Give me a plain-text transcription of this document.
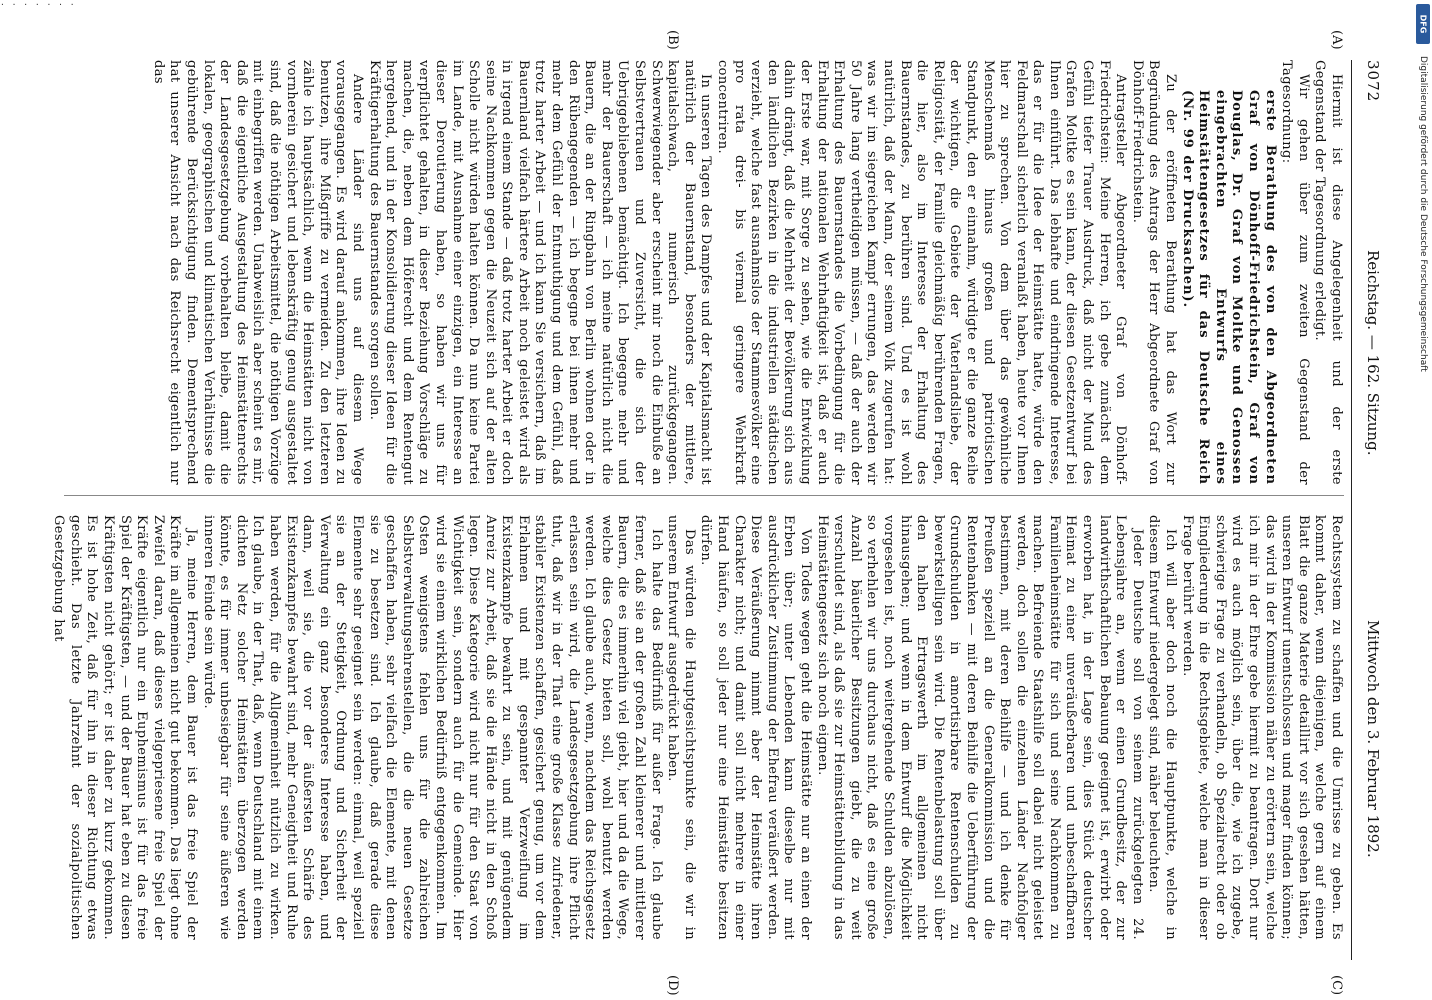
· · · · · · ·
DFG
Digitalisierung gefördert durch die Deutsche Forschungsgemeinschaft
3072
Reichstag. — 162. Sitzung.
Mittwoch den 3. Februar 1892.
(A)
(B)
(C)
(D)

Hiermit ist diese Angelegenheit und der erste Gegenstand der Tagesordnung erledigt.

Wir gehen über zum zweiten Gegenstand der Tagesordnung:

erste Berathung des von den Abgeordneten Graf von Dönhoff-Friedrichstein, Graf von Douglas, Dr. Graf von Moltke und Genossen eingebrachten Entwurfs eines Heimstättengesetzes für das Deutsche Reich (Nr. 99 der Drucksachen).

Zu der eröffneten Berathung hat das Wort zur Begründung des Antrags der Herr Abgeordnete Graf von Dönhoff-Friedrichstein.

Antragsteller Abgeordneter Graf von Dönhoff-Friedrichstein: Meine Herren, ich gebe zunächst dem Gefühl tiefer Trauer Ausdruck, daß nicht der Mund des Grafen Moltke es sein kann, der diesen Gesetzentwurf bei Ihnen einführt. Das lebhafte und eindringende Interesse, das er für die Idee der Heimstätte hatte, würde den Feldmarschall sicherlich veranlaßt haben, heute vor Ihnen hier zu sprechen. Von dem über das gewöhnliche Menschenmaß hinaus großen und patriotischen Standpunkt, den er einnahm, würdigte er die ganze Reihe der wichtigen, die Gebiete der Vaterlandsliebe, der Religiosität, der Familie gleichmäßig berührenden Fragen, die hier, also im Interesse der Erhaltung des Bauernstandes, zu berühren sind. Und es ist wohl natürlich, daß der Mann, der seinem Volk zugerufen hat: was wir im siegreichen Kampf errungen, das werden wir 50 Jahre lang vertheidigen müssen, — daß der auch der Erhaltung des Bauernstandes die Vorbedingung für die Erhaltung der nationalen Wehrhaftigkeit ist, daß er auch der Erste war, mit Sorge zu sehen, wie die Entwicklung dahin drängt, daß die Mehrheit der Bevölkerung sich aus den ländlichen Bezirken in die industriellen städtischen verzieht, welche fast ausnahmslos der Stammesvölker eine pro rata drei- bis viermal geringere Wehrkraft concentriren.

In unseren Tagen des Dampfes und der Kapitalsmacht ist natürlich der Bauernstand, besonders der mittlere, kapitalschwach, numerisch zurückgegangen. Schwerwiegender aber erscheint mir noch die Einbuße an Selbstvertrauen und Zuversicht, die sich der Uebriggebliebenen bemächtigt. Ich begegne mehr und mehr der Bauerschaft — ich meine natürlich nicht die Bauern, die an der Ringbahn von Berlin wohnen oder in den Rübengegenden — ich begegne bei ihnen mehr und mehr dem Gefühl der Entmuthigung und dem Gefühl, daß trotz harter Arbeit — und ich kann Sie versichern, daß im Bauernland vielfach härtere Arbeit noch geleistet wird als in irgend einem Stande — daß trotz harter Arbeit er doch seine Nachkommen gegen die Neuzeit sich auf der alten Scholle nicht würden halten können. Da nun keine Partei im Lande, mit Ausnahme einer einzigen, ein Interesse an dieser Deroutierung haben, so haben wir uns für verpflichtet gehalten, in dieser Beziehung Vorschläge zu machen, die, neben dem Höferecht und dem Rentengut hergehend, und in der Konsolidierung dieser Ideen für die Kräftigerhaltung des Bauernstandes sorgen sollen.

Andere Länder sind uns auf diesem Wege vorausgegangen. Es wird darauf ankommen, ihre Ideen zu benutzen, ihre Mißgriffe zu vermeiden. Zu den letzteren zähle ich hauptsächlich, wenn die Heimstätten nicht von vornherein gesichert und lebenskräftig genug ausgestaltet sind, daß die nöthigen Arbeitsmittel, die nöthigen Vorzüge mit einbegriffen werden. Unabweislich aber scheint es mir, daß die eigentliche Ausgestaltung des Heimstättenrechts der Landesgesetzgebung vorbehalten bleibe, damit die lokalen, geographischen und klimatischen Verhältnisse die gebührende Berücksichtigung finden. Dementsprechend hat unserer Ansicht nach das Reichsrecht eigentlich nur das

Rechtssystem zu schaffen und die Umrisse zu geben. Es kommt daher, wenn diejenigen, welche gern auf einem Blatt die ganze Materie detaillirt vor sich gesehen hätten, unseren Entwurf unentschlossen und mager finden können; das wird in der Kommission näher zu erörtern sein, welche ich mir in der Ehre gebe hiermit zu beantragen. Dort nur wird es auch möglich sein, über die, wie ich zugebe, schwierige Frage zu verhandeln, ob Spezialrecht oder ob Eingliederung in die Rechtsgebiete, welche man in dieser Frage berührt werden.

Ich will aber doch noch die Hauptpunkte, welche in diesem Entwurf niedergelegt sind, näher beleuchten.

Jeder Deutsche soll von seinem zurückgelegten 24. Lebensjahre an, wenn er einen Grundbesitz, der zur landwirthschaftlichen Bebauung geeignet ist, erwirbt oder erworben hat, in der Lage sein, dies Stück deutscher Heimat zu einer unveräußerbaren und unbeschaffbaren Familienheimstätte für sich und seine Nachkommen zu machen. Befreiende Staatshilfe soll dabei nicht geleistet werden, doch sollen die einzelnen Länder Nachfolger bestimmen, mit deren Beihilfe — und ich denke für Preußen speziell an die Generalkommission und die Rentenbanken — mit deren Beihilfe die Ueberführung der Grundschulden in amortisirbare Rentenschulden zu bewerkstelligen sein wird. Die Rentenbelastung soll über den halben Ertragswerth im allgemeinen nicht hinausgehen; und wenn in dem Entwurf die Möglichkeit vorgesehen ist, noch weitergehende Schulden abzulösen, so verhehlen wir uns durchaus nicht, daß es eine große Anzahl bäuerlicher Besitzungen giebt, die zu weit verschuldet sind, als daß sie zur Heimstättenbildung in das Heimstättengesetz sich noch eignen.

Von Todes wegen geht die Heimstätte nur an einen der Erben über; unter Lebenden kann dieselbe nur mit ausdrücklicher Zustimmung der Ehefrau veräußert werden. Diese Veräußerung nimmt aber der Heimstätte ihren Charakter nicht; und damit soll nicht mehrere in einer Hand häufen, so soll jeder nur eine Heimstätte besitzen dürfen.

Das würden die Hauptgesichtspunkte sein, die wir in unserem Entwurf ausgedrückt haben.

Ich halte das Bedürfniß für außer Frage. Ich glaube ferner, daß sie an der großen Zahl kleinerer und mittlerer Bauern, die es immerhin viel giebt, hier und da die Wege, welche dies Gesetz bieten soll, wohl benutzt werden werden. Ich glaube auch, wenn, nachdem das Reichsgesetz erlassen sein wird, die Landesgesetzgebung ihre Pflicht thut, daß wir in der That eine große Klasse zufriedener, stabiler Existenzen schaffen, gesichert genug, um vor dem Erlahmen und mit gespannter Verzweiflung im Existenzkampfe bewahrt zu sein, und mit genügendem Anreiz zur Arbeit, daß sie die Hände nicht in den Schoß legen. Diese Kategorie wird nicht nur für den Staat von Wichtigkeit sein, sondern auch für die Gemeinde. Hier wird sie einem wirklichen Bedürfniß entgegenkommen. Im Osten wenigstens fehlen uns für die zahlreichen Selbstverwaltungsehrenstellen, die die neuen Gesetze geschaffen haben, sehr vielfach die Elemente, mit denen sie zu besetzen sind. Ich glaube, daß gerade diese Elemente sehr geeignet sein werden: einmal, weil speziell sie an der Stetigkeit, Ordnung und Sicherheit der Verwaltung ein ganz besonderes Interesse haben, und dann, weil sie, die vor der äußersten Schärfe des Existenzkampfes bewahrt sind, mehr Geneigtheit und Ruhe haben werden, für die Allgemeinheit nützlich zu wirken. Ich glaube, in der That, daß, wenn Deutschland mit einem dichten Netz solcher Heimstätten überzogen werden könnte, es für immer unbesiegbar für seine äußeren wie inneren Feinde sein würde.

Ja, meine Herren, dem Bauer ist das freie Spiel der Kräfte im allgemeinen nicht gut bekommen. Das liegt ohne Zweifel daran, daß dieses vielgepriesene freie Spiel der Kräfte eigentlich nur ein Euphemismus ist für das freie Spiel der Kräftigsten, — und der Bauer hat eben zu diesen Kräftigsten nicht gehört; er ist daher zu kurz gekommen. Es ist hohe Zeit, daß für ihn in dieser Richtung etwas geschieht. Das letzte Jahrzehnt der sozialpolitischen Gesetzgebung hat
